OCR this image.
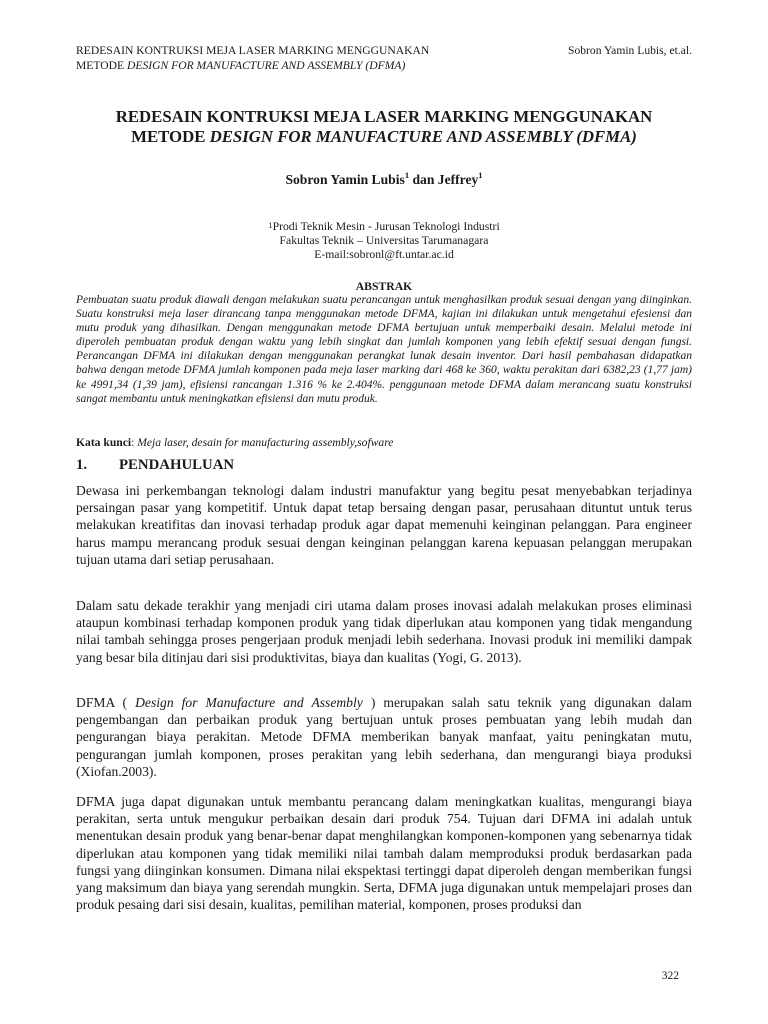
REDESAIN KONTRUKSI MEJA LASER MARKING MENGGUNAKAN
METODE DESIGN FOR MANUFACTURE AND ASSEMBLY (DFMA)
Sobron Yamin Lubis, et.al.
REDESAIN KONTRUKSI MEJA LASER MARKING MENGGUNAKAN
METODE DESIGN FOR MANUFACTURE AND ASSEMBLY (DFMA)
Sobron Yamin Lubis$^1$ dan Jeffrey$^1$
$^1$Prodi Teknik Mesin - Jurusan Teknologi Industri
Fakultas Teknik – Universitas Tarumanagara
E-mail:sobronl@ft.untar.ac.id
ABSTRAK
Pembuatan suatu produk diawali dengan melakukan suatu perancangan untuk menghasilkan produk sesuai dengan yang diinginkan. Suatu konstruksi meja laser dirancang tanpa menggunakan metode DFMA, kajian ini dilakukan untuk mengetahui efesiensi dan mutu produk yang dihasilkan. Dengan menggunakan metode DFMA bertujuan untuk memperbaiki desain. Melalui metode ini diperoleh pembuatan produk dengan waktu yang lebih singkat dan jumlah komponen yang lebih efektif sesuai dengan fungsi. Perancangan DFMA ini dilakukan dengan menggunakan perangkat lunak desain inventor. Dari hasil pembahasan didapatkan bahwa dengan metode DFMA jumlah komponen pada meja laser marking dari 468 ke 360, waktu perakitan dari 6382,23 (1,77 jam) ke 4991,34 (1,39 jam), efisiensi rancangan 1.316 % ke 2.404%. penggunaan metode DFMA dalam merancang suatu konstruksi sangat membantu untuk meningkatkan efisiensi dan mutu produk.
Kata kunci: Meja laser, desain for manufacturing assembly,sofware
1. PENDAHULUAN

Dewasa ini perkembangan teknologi dalam industri manufaktur yang begitu pesat menyebabkan terjadinya persaingan pasar yang kompetitif. Untuk dapat tetap bersaing dengan pasar, perusahaan dituntut untuk terus melakukan kreatifitas dan inovasi terhadap produk agar dapat memenuhi keinginan pelanggan. Para engineer harus mampu merancang produk sesuai dengan keinginan pelanggan karena kepuasan pelanggan merupakan tujuan utama dari setiap perusahaan.

Dalam satu dekade terakhir yang menjadi ciri utama dalam proses inovasi adalah melakukan proses eliminasi ataupun kombinasi terhadap komponen produk yang tidak diperlukan atau komponen yang tidak mengandung nilai tambah sehingga proses pengerjaan produk menjadi lebih sederhana. Inovasi produk ini memiliki dampak yang besar bila ditinjau dari sisi produktivitas, biaya dan kualitas (Yogi, G. 2013).

DFMA ( Design for Manufacture and Assembly ) merupakan salah satu teknik yang digunakan dalam pengembangan dan perbaikan produk yang bertujuan untuk proses pembuatan yang lebih mudah dan pengurangan biaya perakitan. Metode DFMA memberikan banyak manfaat, yaitu peningkatan mutu, pengurangan jumlah komponen, proses perakitan yang lebih sederhana, dan mengurangi biaya produksi (Xiofan.2003).

DFMA juga dapat digunakan untuk membantu perancang dalam meningkatkan kualitas, mengurangi biaya perakitan, serta untuk mengukur perbaikan desain dari produk 754. Tujuan dari DFMA ini adalah untuk menentukan desain produk yang benar-benar dapat menghilangkan komponen-komponen yang sebenarnya tidak diperlukan atau komponen yang tidak memiliki nilai tambah dalam memproduksi produk berdasarkan pada fungsi yang diinginkan konsumen. Dimana nilai ekspektasi tertinggi dapat diperoleh dengan memberikan fungsi yang maksimum dan biaya yang serendah mungkin. Serta, DFMA juga digunakan untuk mempelajari proses dan produk pesaing dari sisi desain, kualitas, pemilihan material, komponen, proses produksi dan

322
